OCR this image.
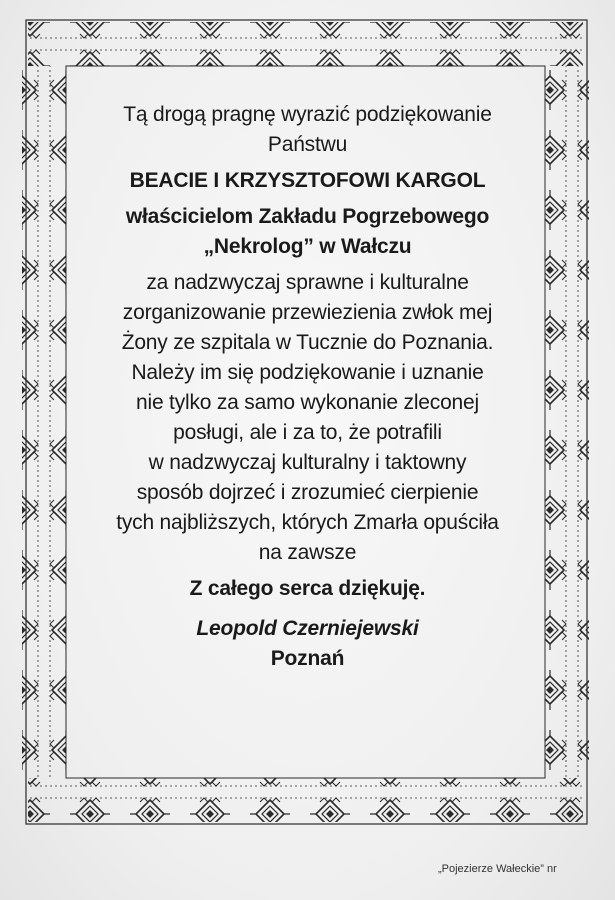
Tą drogą pragnę wyrazić podziękowanie
Państwu
BEACIE I KRZYSZTOFOWI KARGOL
właścicielom Zakładu Pogrzebowego
„Nekrolog” w Wałczu
za nadzwyczaj sprawne i kulturalne
zorganizowanie przewiezienia zwłok mej
Żony ze szpitala w Tucznie do Poznania.
Należy im się podziękowanie i uznanie
nie tylko za samo wykonanie zleconej
posługi, ale i za to, że potrafili
w nadzwyczaj kulturalny i taktowny
sposób dojrzeć i zrozumieć cierpienie
tych najbliższych, których Zmarła opuściła
na zawsze
Z całego serca dziękuję.
Leopold Czerniejewski
Poznań
„Pojezierze Wałeckie” nr
